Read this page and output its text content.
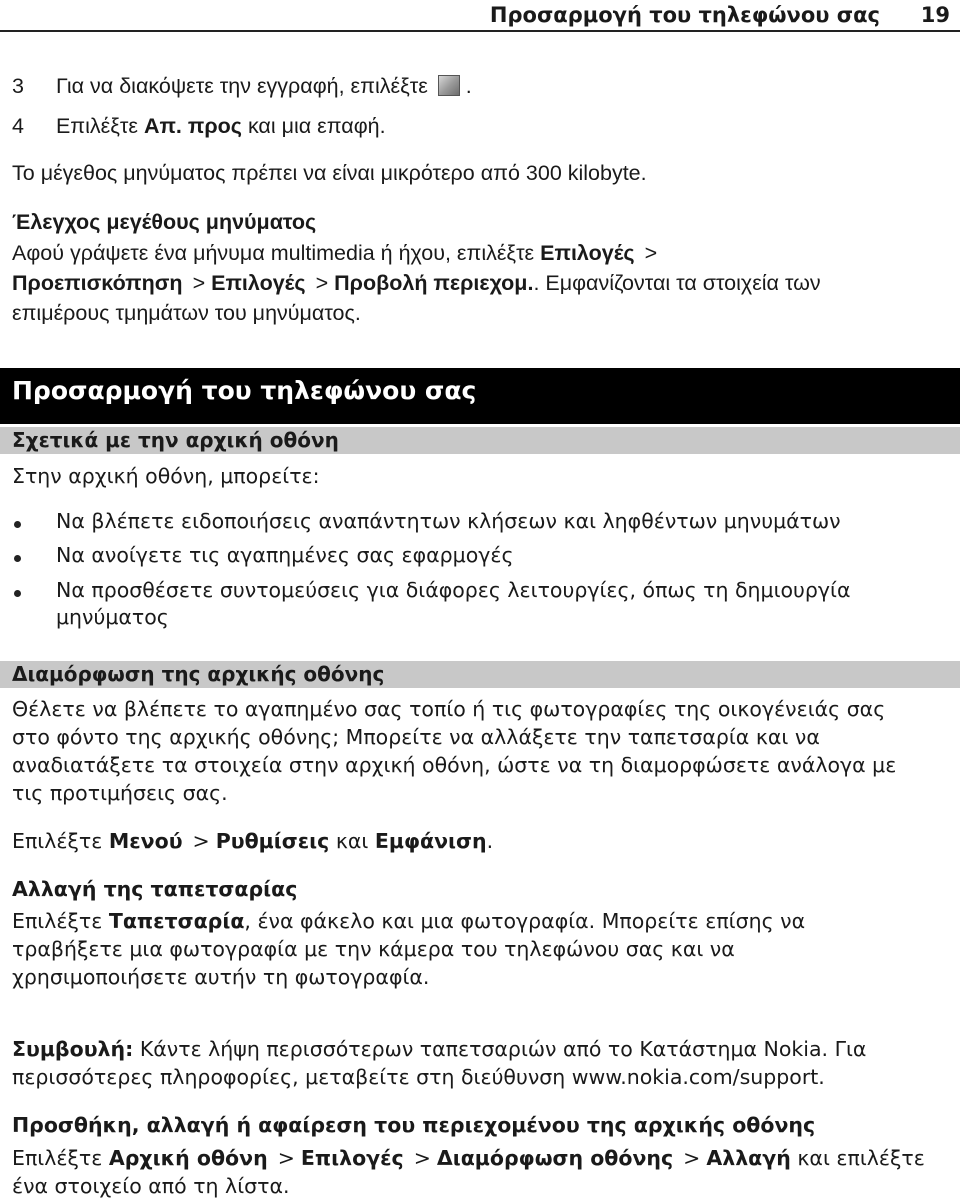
Προσαρμογή του τηλεφώνου σας 19
3 Για να διακόψετε την εγγραφή, επιλέξτε .
4 Επιλέξτε Απ. προς και μια επαφή.
Το μέγεθος μηνύματος πρέπει να είναι μικρότερο από 300 kilobyte.
Έλεγχος μεγέθους μηνύματος
Αφού γράψετε ένα μήνυμα multimedia ή ήχου, επιλέξτε Επιλογές >
Προεπισκόπηση > Επιλογές > Προβολή περιεχομ.. Εμφανίζονται τα στοιχεία των
επιμέρους τμημάτων του μηνύματος.
Προσαρμογή του τηλεφώνου σας
Σχετικά με την αρχική οθόνη
Στην αρχική οθόνη, μπορείτε:
Να βλέπετε ειδοποιήσεις αναπάντητων κλήσεων και ληφθέντων μηνυμάτων
Να ανοίγετε τις αγαπημένες σας εφαρμογές
Να προσθέσετε συντομεύσεις για διάφορες λειτουργίες, όπως τη δημιουργία
μηνύματος
Διαμόρφωση της αρχικής οθόνης
Θέλετε να βλέπετε το αγαπημένο σας τοπίο ή τις φωτογραφίες της οικογένειάς σας
στο φόντο της αρχικής οθόνης; Μπορείτε να αλλάξετε την ταπετσαρία και να
αναδιατάξετε τα στοιχεία στην αρχική οθόνη, ώστε να τη διαμορφώσετε ανάλογα με
τις προτιμήσεις σας.
Επιλέξτε Μενού > Ρυθμίσεις και Εμφάνιση.
Αλλαγή της ταπετσαρίας
Επιλέξτε Ταπετσαρία, ένα φάκελο και μια φωτογραφία. Μπορείτε επίσης να
τραβήξετε μια φωτογραφία με την κάμερα του τηλεφώνου σας και να
χρησιμοποιήσετε αυτήν τη φωτογραφία.
Συμβουλή: Κάντε λήψη περισσότερων ταπετσαριών από το Κατάστημα Nokia. Για
περισσότερες πληροφορίες, μεταβείτε στη διεύθυνση www.nokia.com/support.
Προσθήκη, αλλαγή ή αφαίρεση του περιεχομένου της αρχικής οθόνης
Επιλέξτε Αρχική οθόνη > Επιλογές > Διαμόρφωση οθόνης > Αλλαγή και επιλέξτε
ένα στοιχείο από τη λίστα.
